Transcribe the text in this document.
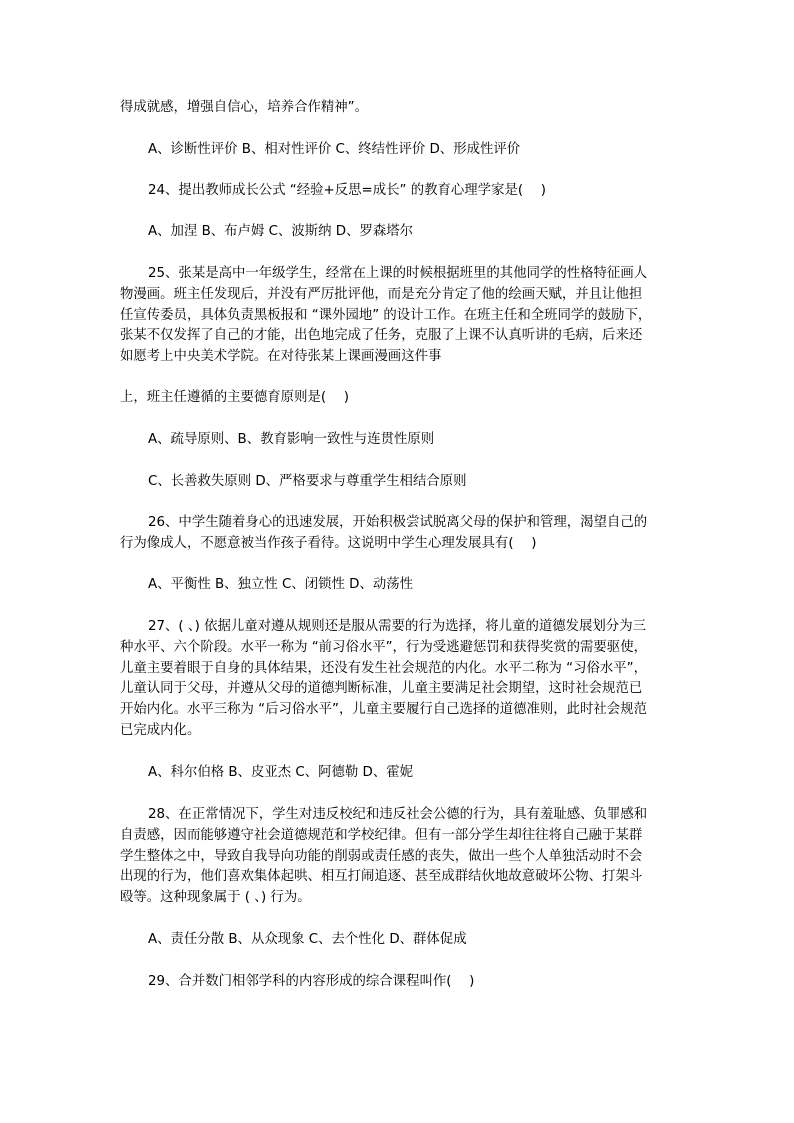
得成就感，增强自信心，培养合作精神”。

A、诊断性评价 B、相对性评价 C、终结性评价 D、形成性评价

24、提出教师成长公式 “经验+反思=成长” 的教育心理学家是(　 )

A、加涅 B、布卢姆 C、波斯纳 D、罗森塔尔

25、张某是高中一年级学生，经常在上课的时候根据班里的其他同学的性格特征画人
物漫画。班主任发现后，并没有严厉批评他，而是充分肯定了他的绘画天赋，并且让他担
任宣传委员，具体负责黑板报和 “课外园地” 的设计工作。在班主任和全班同学的鼓励下，
张某不仅发挥了自己的才能，出色地完成了任务，克服了上课不认真听讲的毛病，后来还
如愿考上中央美术学院。在对待张某上课画漫画这件事

上，班主任遵循的主要德育原则是(　 )

A、疏导原则、B、教育影响一致性与连贯性原则

C、长善救失原则 D、严格要求与尊重学生相结合原则

26、中学生随着身心的迅速发展，开始积极尝试脱离父母的保护和管理，渴望自己的
行为像成人，不愿意被当作孩子看待。这说明中学生心理发展具有(　 )

A、平衡性 B、独立性 C、闭锁性 D、动荡性

27、( 、) 依据儿童对遵从规则还是服从需要的行为选择，将儿童的道德发展划分为三
种水平、六个阶段。水平一称为 “前习俗水平”，行为受逃避惩罚和获得奖赏的需要驱使，
儿童主要着眼于自身的具体结果，还没有发生社会规范的内化。水平二称为 “习俗水平”，
儿童认同于父母，并遵从父母的道德判断标准，儿童主要满足社会期望，这时社会规范已
开始内化。水平三称为 “后习俗水平”，儿童主要履行自己选择的道德准则，此时社会规范
已完成内化。

A、科尔伯格 B、皮亚杰 C、阿德勒 D、霍妮

28、在正常情况下，学生对违反校纪和违反社会公德的行为，具有羞耻感、负罪感和
自责感，因而能够遵守社会道德规范和学校纪律。但有一部分学生却往往将自己融于某群
学生整体之中，导致自我导向功能的削弱或责任感的丧失，做出一些个人单独活动时不会
出现的行为，他们喜欢集体起哄、相互打闹追逐、甚至成群结伙地故意破坏公物、打架斗
殴等。这种现象属于 ( 、) 行为。

A、责任分散 B、从众现象 C、去个性化 D、群体促成

29、合并数门相邻学科的内容形成的综合课程叫作(　 )
